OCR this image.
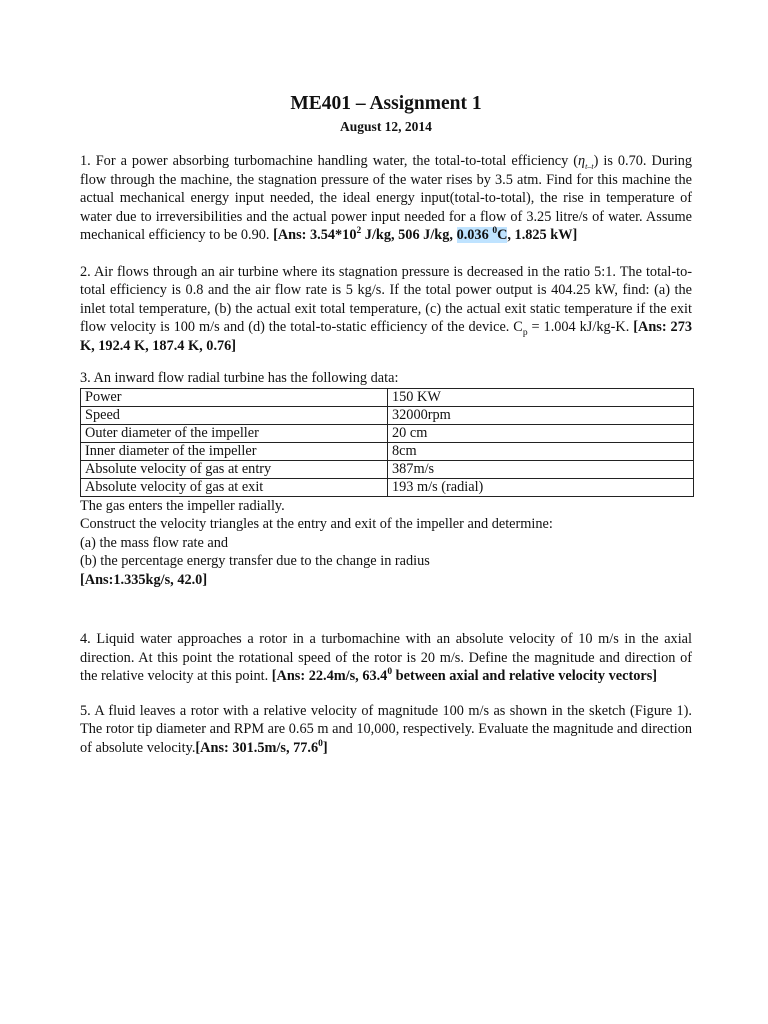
ME401 – Assignment 1
August 12, 2014

1. For a power absorbing turbomachine handling water, the total-to-total efficiency $(\eta_{t-t})$ is 0.70. During flow through the machine, the stagnation pressure of the water rises by 3.5 atm. Find for this machine the actual mechanical energy input needed, the ideal energy input(total-to-total), the rise in temperature of water due to irreversibilities and the actual power input needed for a flow of 3.25 litre/s of water. Assume mechanical efficiency to be 0.90. [Ans: $3.54*10^2$ J/kg, 506 J/kg, 0.036 $^0$C, 1.825 kW]

2. Air flows through an air turbine where its stagnation pressure is decreased in the ratio 5:1. The total-to-total efficiency is 0.8 and the air flow rate is 5 kg/s. If the total power output is 404.25 kW, find: (a) the inlet total temperature, (b) the actual exit total temperature, (c) the actual exit static temperature if the exit flow velocity is 100 m/s and (d) the total-to-static efficiency of the device. $C_p = 1.004$ kJ/kg-K. [Ans: 273 K, 192.4 K, 187.4 K, 0.76]

3. An inward flow radial turbine has the following data:

Power	150 KW
Speed	32000rpm
Outer diameter of the impeller	20 cm
Inner diameter of the impeller	8cm
Absolute velocity of gas at entry	387m/s
Absolute velocity of gas at exit	193 m/s (radial)

The gas enters the impeller radially.

Construct the velocity triangles at the entry and exit of the impeller and determine:

(a) the mass flow rate and

(b) the percentage energy transfer due to the change in radius

[Ans:1.335kg/s, 42.0]

4. Liquid water approaches a rotor in a turbomachine with an absolute velocity of 10 m/s in the axial direction. At this point the rotational speed of the rotor is 20 m/s. Define the magnitude and direction of the relative velocity at this point. [Ans: 22.4m/s, 63.4$^0$ between axial and relative velocity vectors]

5. A fluid leaves a rotor with a relative velocity of magnitude 100 m/s as shown in the sketch (Figure 1). The rotor tip diameter and RPM are 0.65 m and 10,000, respectively. Evaluate the magnitude and direction of absolute velocity.[Ans: 301.5m/s, 77.6$^0$]
